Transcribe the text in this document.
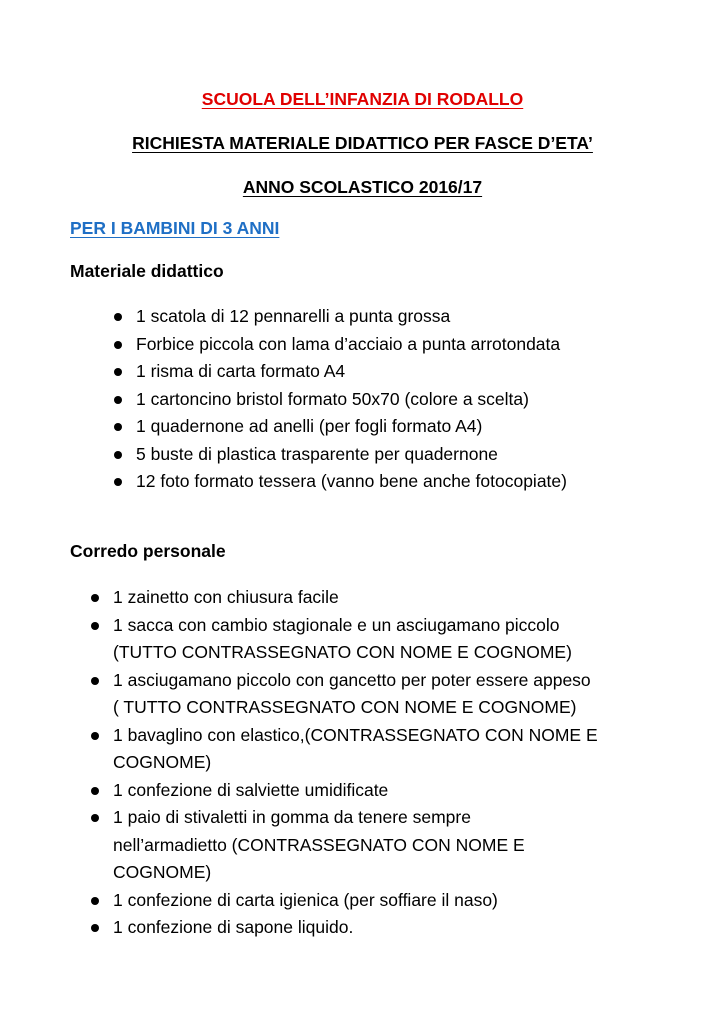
SCUOLA DELL’INFANZIA DI RODALLO
RICHIESTA MATERIALE DIDATTICO PER FASCE D’ETA’
ANNO SCOLASTICO 2016/17
PER I BAMBINI DI 3 ANNI
Materiale didattico
1 scatola di 12 pennarelli a punta grossa
Forbice piccola con lama d’acciaio a punta arrotondata
1 risma di carta formato A4
1 cartoncino bristol formato 50x70 (colore a scelta)
1 quadernone ad anelli (per fogli formato A4)
5 buste di plastica trasparente per quadernone
12 foto formato tessera (vanno bene anche fotocopiate)
Corredo personale
1 zainetto con chiusura facile
1 sacca con cambio stagionale e un asciugamano piccolo
(TUTTO CONTRASSEGNATO CON NOME E COGNOME)
1 asciugamano piccolo con gancetto per poter essere appeso
( TUTTO CONTRASSEGNATO CON NOME E COGNOME)
1 bavaglino con elastico,(CONTRASSEGNATO CON NOME E
COGNOME)
1 confezione di salviette umidificate
1 paio di stivaletti in gomma da tenere sempre
nell’armadietto (CONTRASSEGNATO CON NOME E
COGNOME)
1 confezione di carta igienica (per soffiare il naso)
1 confezione di sapone liquido.
